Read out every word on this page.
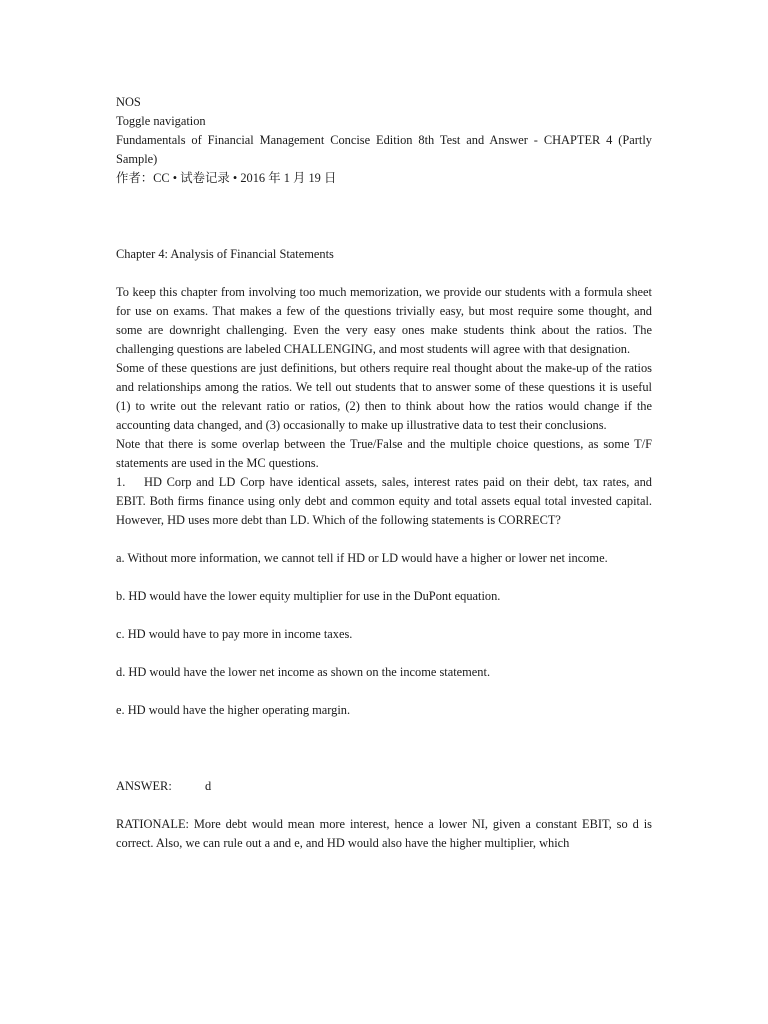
NOS
Toggle navigation
Fundamentals of Financial Management Concise Edition 8th Test and Answer - CHAPTER 4 (Partly Sample)
作者：CC • 试卷记录 • 2016 年 1 月 19 日
Chapter 4: Analysis of Financial Statements

To keep this chapter from involving too much memorization, we provide our students with a formula sheet for use on exams. That makes a few of the questions trivially easy, but most require some thought, and some are downright challenging. Even the very easy ones make students think about the ratios. The challenging questions are labeled CHALLENGING, and most students will agree with that designation.

Some of these questions are just definitions, but others require real thought about the make-up of the ratios and relationships among the ratios. We tell out students that to answer some of these questions it is useful (1) to write out the relevant ratio or ratios, (2) then to think about how the ratios would change if the accounting data changed, and (3) occasionally to make up illustrative data to test their conclusions.

Note that there is some overlap between the True/False and the multiple choice questions, as some T/F statements are used in the MC questions.

1. HD Corp and LD Corp have identical assets, sales, interest rates paid on their debt, tax rates, and EBIT. Both firms finance using only debt and common equity and total assets equal total invested capital. However, HD uses more debt than LD. Which of the following statements is CORRECT?

a. Without more information, we cannot tell if HD or LD would have a higher or lower net income.

b. HD would have the lower equity multiplier for use in the DuPont equation.

c. HD would have to pay more in income taxes.

d. HD would have the lower net income as shown on the income statement.

e. HD would have the higher operating margin.

ANSWER:	d

RATIONALE: More debt would mean more interest, hence a lower NI, given a constant EBIT, so d is correct. Also, we can rule out a and e, and HD would also have the higher multiplier, which
